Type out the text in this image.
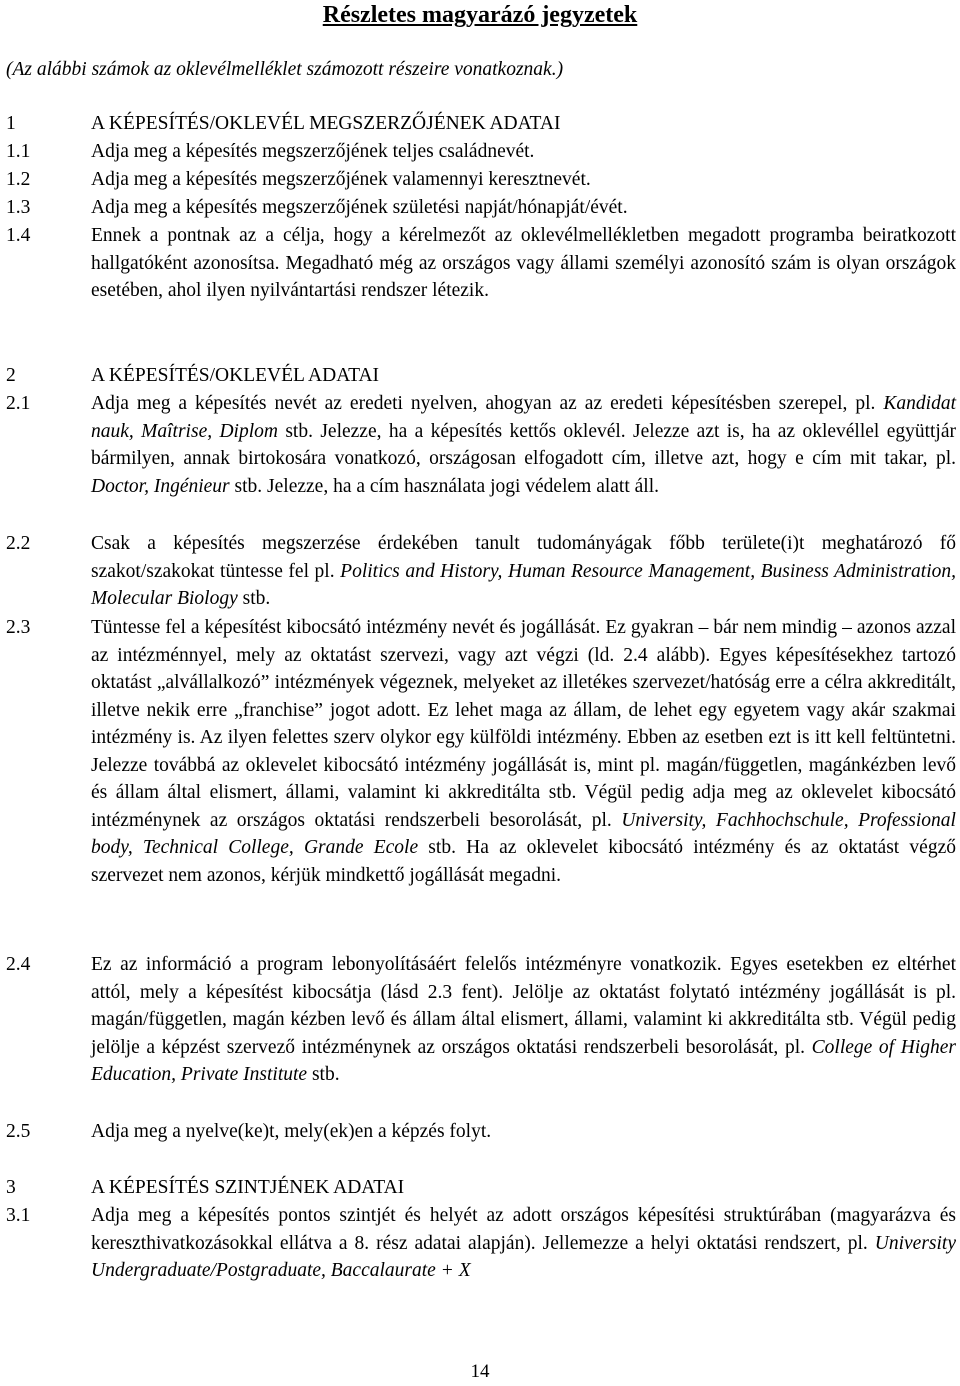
Részletes magyarázó jegyzetek
(Az alábbi számok az oklevélmelléklet számozott részeire vonatkoznak.)
1	A KÉPESÍTÉS/OKLEVÉL MEGSZERZŐJÉNEK ADATAI
1.1	Adja meg a képesítés megszerzőjének teljes családnevét.
1.2	Adja meg a képesítés megszerzőjének valamennyi keresztnevét.
1.3	Adja meg a képesítés megszerzőjének születési napját/hónapját/évét.
1.4	Ennek a pontnak az a célja, hogy a kérelmezőt az oklevélmellékletben megadott programba beiratkozott hallgatóként azonosítsa. Megadható még az országos vagy állami személyi azonosító szám is olyan országok esetében, ahol ilyen nyilvántartási rendszer létezik.
2	A KÉPESÍTÉS/OKLEVÉL ADATAI
2.1	Adja meg a képesítés nevét az eredeti nyelven, ahogyan az az eredeti képesítésben szerepel, pl. Kandidat nauk, Maîtrise, Diplom stb. Jelezze, ha a képesítés kettős oklevél. Jelezze azt is, ha az oklevéllel együttjár bármilyen, annak birtokosára vonatkozó, országosan elfogadott cím, illetve azt, hogy e cím mit takar, pl. Doctor, Ingénieur stb. Jelezze, ha a cím használata jogi védelem alatt áll.
2.2	Csak a képesítés megszerzése érdekében tanult tudományágak főbb területe(i)t meghatározó fő szakot/szakokat tüntesse fel pl. Politics and History, Human Resource Management, Business Administration, Molecular Biology stb.
2.3	Tüntesse fel a képesítést kibocsátó intézmény nevét és jogállását. Ez gyakran – bár nem mindig – azonos azzal az intézménnyel, mely az oktatást szervezi, vagy azt végzi (ld. 2.4 alább). Egyes képesítésekhez tartozó oktatást „alvállalkozó” intézmények végeznek, melyeket az illetékes szervezet/hatóság erre a célra akkreditált, illetve nekik erre „franchise” jogot adott. Ez lehet maga az állam, de lehet egy egyetem vagy akár szakmai intézmény is. Az ilyen felettes szerv olykor egy külföldi intézmény. Ebben az esetben ezt is itt kell feltüntetni. Jelezze továbbá az oklevelet kibocsátó intézmény jogállását is, mint pl. magán/független, magánkézben levő és állam által elismert, állami, valamint ki akkreditálta stb. Végül pedig adja meg az oklevelet kibocsátó intézménynek az országos oktatási rendszerbeli besorolását, pl. University, Fachhochschule, Professional body, Technical College, Grande Ecole stb. Ha az oklevelet kibocsátó intézmény és az oktatást végző szervezet nem azonos, kérjük mindkettő jogállását megadni.
2.4	Ez az információ a program lebonyolításáért felelős intézményre vonatkozik. Egyes esetekben ez eltérhet attól, mely a képesítést kibocsátja (lásd 2.3 fent). Jelölje az oktatást folytató intézmény jogállását is pl. magán/független, magán kézben levő és állam által elismert, állami, valamint ki akkreditálta stb. Végül pedig jelölje a képzést szervező intézménynek az országos oktatási rendszerbeli besorolását, pl. College of Higher Education, Private Institute stb.
2.5	Adja meg a nyelve(ke)t, mely(ek)en a képzés folyt.
3	A KÉPESÍTÉS SZINTJÉNEK ADATAI
3.1	Adja meg a képesítés pontos szintjét és helyét az adott országos képesítési struktúrában (magyarázva és kereszthivatkozásokkal ellátva a 8. rész adatai alapján). Jellemezze a helyi oktatási rendszert, pl. University Undergraduate/Postgraduate, Baccalaurate + X
14
